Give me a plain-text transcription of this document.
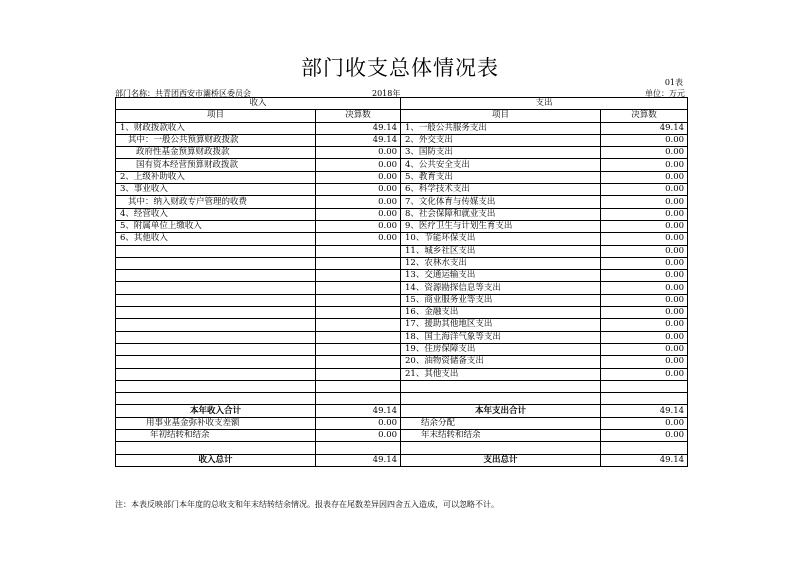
部门收支总体情况表
01表
部门名称：共青团西安市灞桥区委员会	2018年	单位：万元
收入		支出	
项目	决算数	项目	决算数
1、财政拨款收入	49.14	1、一般公共服务支出	49.14
其中：一般公共预算财政拨款	49.14	2、外交支出	0.00
政府性基金预算财政拨款	0.00	3、国防支出	0.00
国有资本经营预算财政拨款	0.00	4、公共安全支出	0.00
2、上级补助收入	0.00	5、教育支出	0.00
3、事业收入	0.00	6、科学技术支出	0.00
其中：纳入财政专户管理的收费	0.00	7、文化体育与传媒支出	0.00
4、经营收入	0.00	8、社会保障和就业支出	0.00
5、附属单位上缴收入	0.00	9、医疗卫生与计划生育支出	0.00
6、其他收入	0.00	10、节能环保支出	0.00
		11、城乡社区支出	0.00
		12、农林水支出	0.00
		13、交通运输支出	0.00
		14、资源勘探信息等支出	0.00
		15、商业服务业等支出	0.00
		16、金融支出	0.00
		17、援助其他地区支出	0.00
		18、国土海洋气象等支出	0.00
		19、住房保障支出	0.00
		20、油物资储备支出	0.00
		21、其他支出	0.00

本年收入合计	49.14	本年支出合计	49.14
用事业基金弥补收支差额	0.00	结余分配	0.00
年初结转和结余	0.00	年末结转和结余	0.00

收入总计	49.14	支出总计	49.14
注：本表反映部门本年度的总收支和年末结转结余情况。报表存在尾数差异因四舍五入造成，可以忽略不计。
